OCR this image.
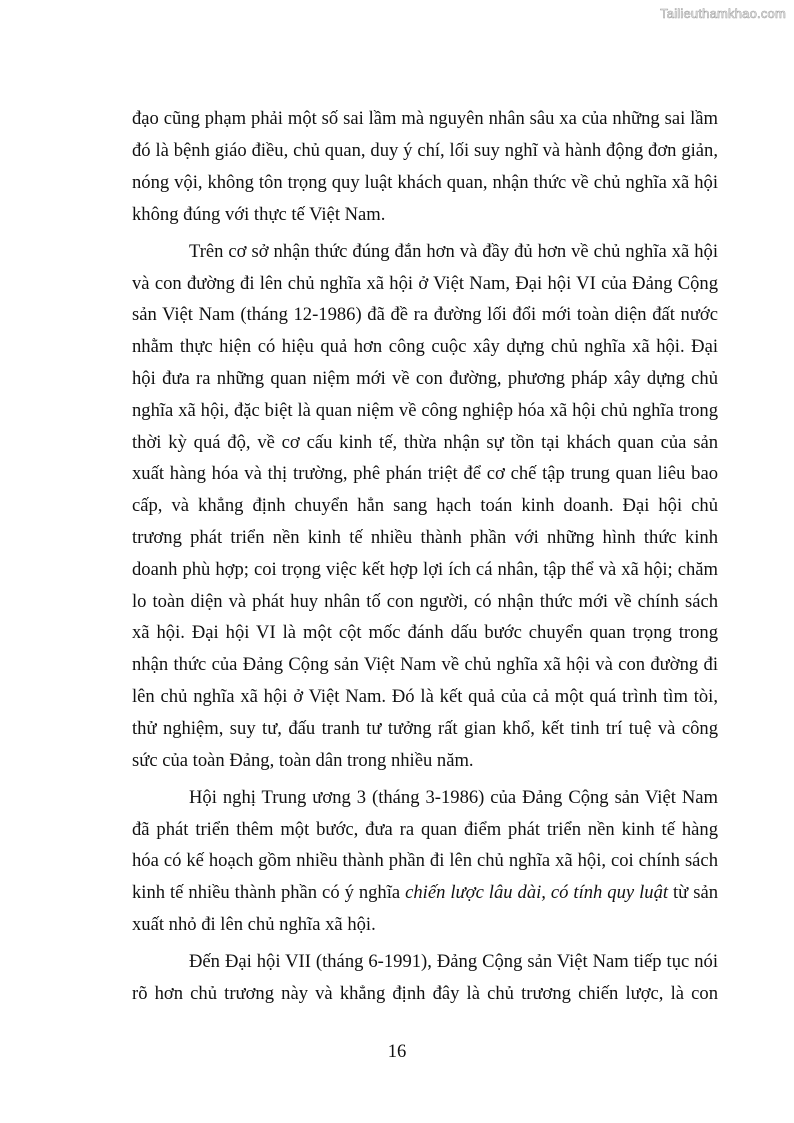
Tailieuthamkhao.com
đạo cũng phạm phải một số sai lầm mà nguyên nhân sâu xa của những sai lầm
đó là bệnh giáo điều, chủ quan, duy ý chí, lối suy nghĩ và hành động đơn giản,
nóng vội, không tôn trọng quy luật khách quan, nhận thức về chủ nghĩa xã hội
không đúng với thực tế Việt Nam.
Trên cơ sở nhận thức đúng đắn hơn và đầy đủ hơn về chủ nghĩa xã hội
và con đường đi lên chủ nghĩa xã hội ở Việt Nam, Đại hội VI của Đảng Cộng
sản Việt Nam (tháng 12-1986) đã đề ra đường lối đổi mới toàn diện đất nước
nhằm thực hiện có hiệu quả hơn công cuộc xây dựng chủ nghĩa xã hội. Đại
hội đưa ra những quan niệm mới về con đường, phương pháp xây dựng chủ
nghĩa xã hội, đặc biệt là quan niệm về công nghiệp hóa xã hội chủ nghĩa trong
thời kỳ quá độ, về cơ cấu kinh tế, thừa nhận sự tồn tại khách quan của sản
xuất hàng hóa và thị trường, phê phán triệt để cơ chế tập trung quan liêu bao
cấp, và khẳng định chuyển hẳn sang hạch toán kinh doanh. Đại hội chủ
trương phát triển nền kinh tế nhiều thành phần với những hình thức kinh
doanh phù hợp; coi trọng việc kết hợp lợi ích cá nhân, tập thể và xã hội; chăm
lo toàn diện và phát huy nhân tố con người, có nhận thức mới về chính sách
xã hội. Đại hội VI là một cột mốc đánh dấu bước chuyển quan trọng trong
nhận thức của Đảng Cộng sản Việt Nam về chủ nghĩa xã hội và con đường đi
lên chủ nghĩa xã hội ở Việt Nam. Đó là kết quả của cả một quá trình tìm tòi,
thử nghiệm, suy tư, đấu tranh tư tưởng rất gian khổ, kết tinh trí tuệ và công
sức của toàn Đảng, toàn dân trong nhiều năm.
Hội nghị Trung ương 3 (tháng 3-1986) của Đảng Cộng sản Việt Nam
đã phát triển thêm một bước, đưa ra quan điểm phát triển nền kinh tế hàng
hóa có kế hoạch gồm nhiều thành phần đi lên chủ nghĩa xã hội, coi chính sách
kinh tế nhiều thành phần có ý nghĩa chiến lược lâu dài, có tính quy luật từ sản
xuất nhỏ đi lên chủ nghĩa xã hội.
Đến Đại hội VII (tháng 6-1991), Đảng Cộng sản Việt Nam tiếp tục nói
rõ hơn chủ trương này và khẳng định đây là chủ trương chiến lược, là con
16
